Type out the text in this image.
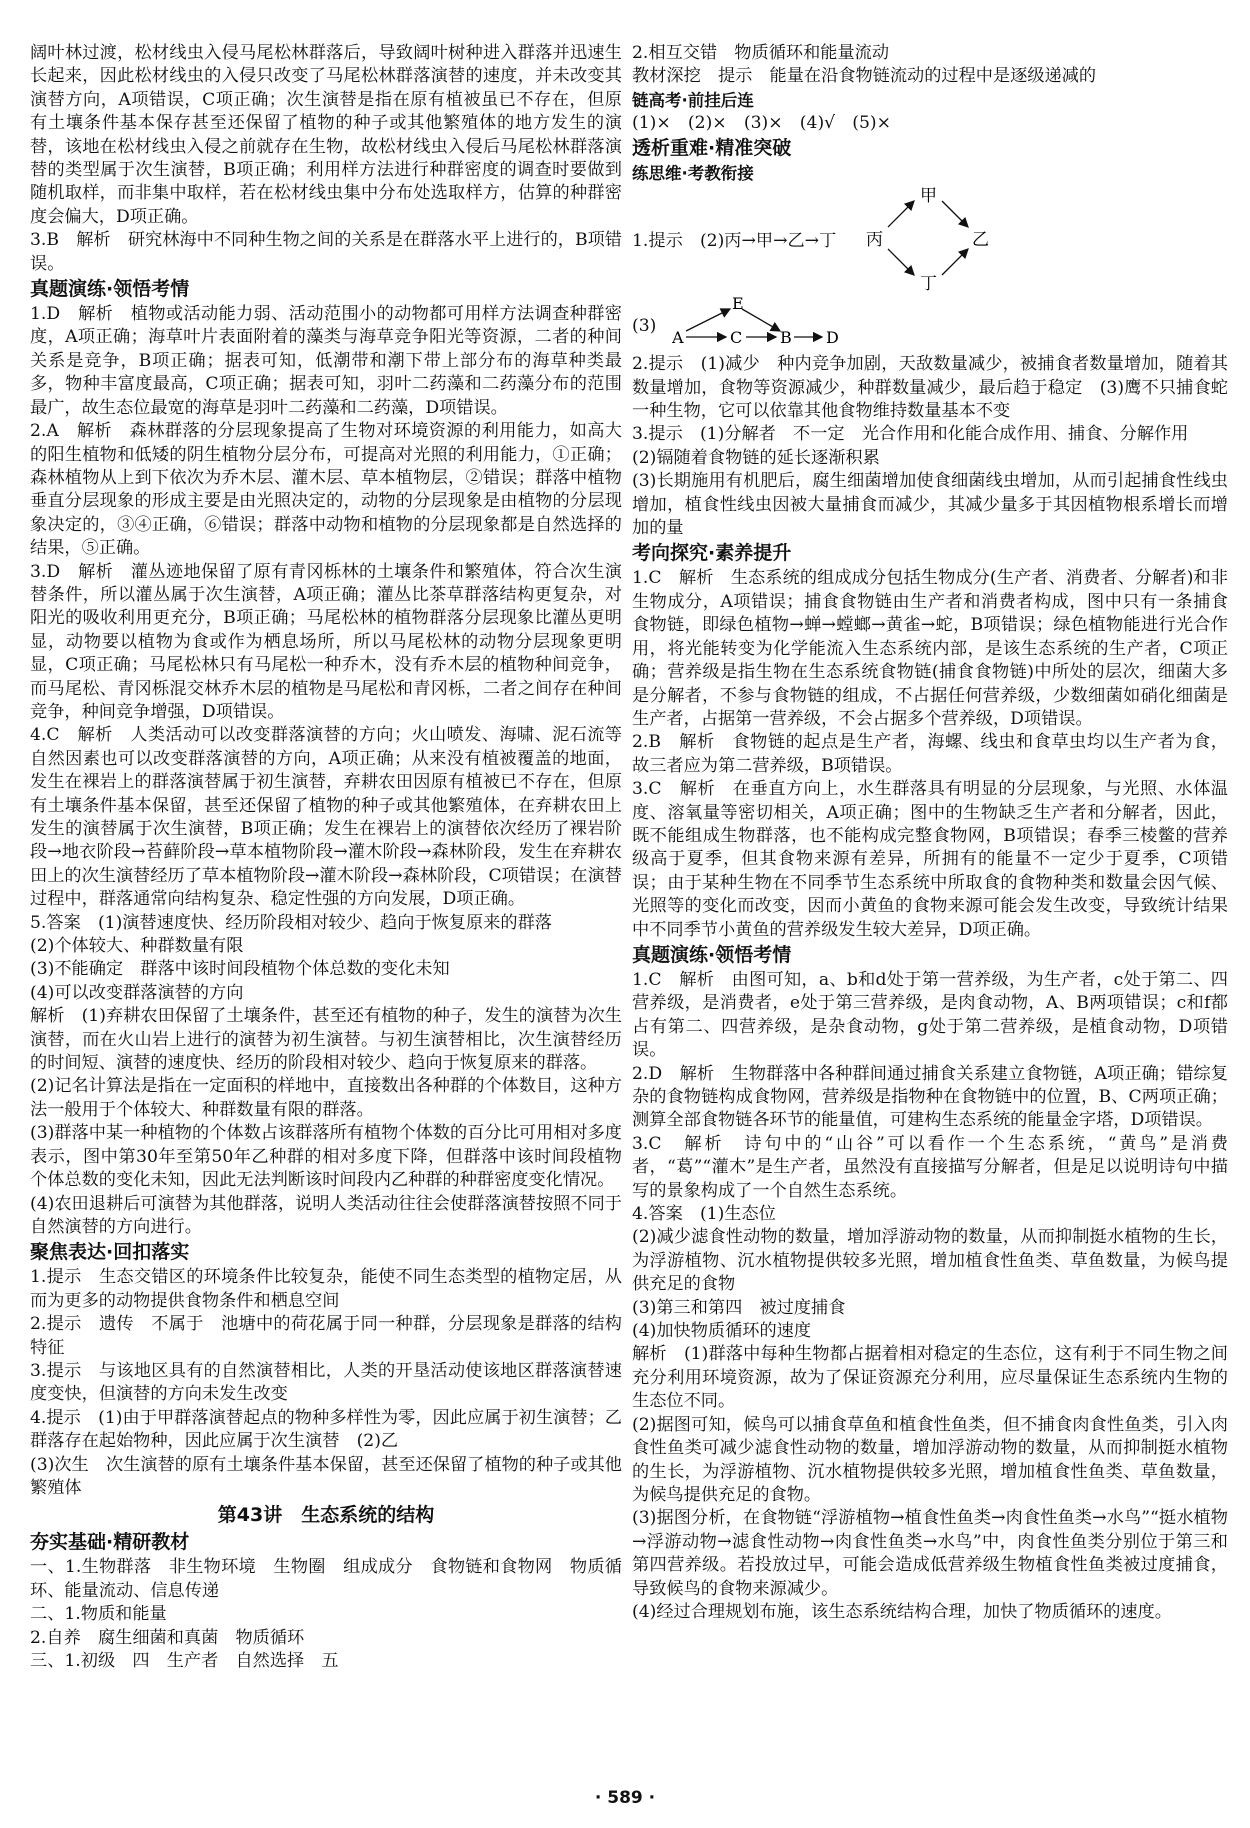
阔叶林过渡，松材线虫入侵马尾松林群落后，导致阔叶树种进入群落并迅速生长起来，因此松材线虫的入侵只改变了马尾松林群落演替的速度，并未改变其演替方向，A项错误，C项正确；次生演替是指在原有植被虽已不存在，但原有土壤条件基本保存甚至还保留了植物的种子或其他繁殖体的地方发生的演替，该地在松材线虫入侵之前就存在生物，故松材线虫入侵后马尾松林群落演替的类型属于次生演替，B项正确；利用样方法进行种群密度的调查时要做到随机取样，而非集中取样，若在松材线虫集中分布处选取样方，估算的种群密度会偏大，D项正确。

3.B　解析　研究林海中不同种生物之间的关系是在群落水平上进行的，B项错误。

真题演练·领悟考情

1.D　解析　植物或活动能力弱、活动范围小的动物都可用样方法调查种群密度，A项正确；海草叶片表面附着的藻类与海草竞争阳光等资源，二者的种间关系是竞争，B项正确；据表可知，低潮带和潮下带上部分布的海草种类最多，物种丰富度最高，C项正确；据表可知，羽叶二药藻和二药藻分布的范围最广，故生态位最宽的海草是羽叶二药藻和二药藻，D项错误。

2.A　解析　森林群落的分层现象提高了生物对环境资源的利用能力，如高大的阳生植物和低矮的阴生植物分层分布，可提高对光照的利用能力，①正确；森林植物从上到下依次为乔木层、灌木层、草本植物层，②错误；群落中植物垂直分层现象的形成主要是由光照决定的，动物的分层现象是由植物的分层现象决定的，③④正确，⑥错误；群落中动物和植物的分层现象都是自然选择的结果，⑤正确。

3.D　解析　灌丛迹地保留了原有青冈栎林的土壤条件和繁殖体，符合次生演替条件，所以灌丛属于次生演替，A项正确；灌丛比茶草群落结构更复杂，对阳光的吸收利用更充分，B项正确；马尾松林的植物群落分层现象比灌丛更明显，动物要以植物为食或作为栖息场所，所以马尾松林的动物分层现象更明显，C项正确；马尾松林只有马尾松一种乔木，没有乔木层的植物种间竞争，而马尾松、青冈栎混交林乔木层的植物是马尾松和青冈栎，二者之间存在种间竞争，种间竞争增强，D项错误。

4.C　解析　人类活动可以改变群落演替的方向；火山喷发、海啸、泥石流等自然因素也可以改变群落演替的方向，A项正确；从来没有植被覆盖的地面，发生在裸岩上的群落演替属于初生演替，弃耕农田因原有植被已不存在，但原有土壤条件基本保留，甚至还保留了植物的种子或其他繁殖体，在弃耕农田上发生的演替属于次生演替，B项正确；发生在裸岩上的演替依次经历了裸岩阶段→地衣阶段→苔藓阶段→草本植物阶段→灌木阶段→森林阶段，发生在弃耕农田上的次生演替经历了草本植物阶段→灌木阶段→森林阶段，C项错误；在演替过程中，群落通常向结构复杂、稳定性强的方向发展，D项正确。

5.答案　(1)演替速度快、经历阶段相对较少、趋向于恢复原来的群落

(2)个体较大、种群数量有限

(3)不能确定　群落中该时间段植物个体总数的变化未知

(4)可以改变群落演替的方向

解析　(1)弃耕农田保留了土壤条件，甚至还有植物的种子，发生的演替为次生演替，而在火山岩上进行的演替为初生演替。与初生演替相比，次生演替经历的时间短、演替的速度快、经历的阶段相对较少、趋向于恢复原来的群落。

(2)记名计算法是指在一定面积的样地中，直接数出各种群的个体数目，这种方法一般用于个体较大、种群数量有限的群落。

(3)群落中某一种植物的个体数占该群落所有植物个体数的百分比可用相对多度表示，图中第30年至第50年乙种群的相对多度下降，但群落中该时间段植物个体总数的变化未知，因此无法判断该时间段内乙种群的种群密度变化情况。

(4)农田退耕后可演替为其他群落，说明人类活动往往会使群落演替按照不同于自然演替的方向进行。

聚焦表达·回扣落实

1.提示　生态交错区的环境条件比较复杂，能使不同生态类型的植物定居，从而为更多的动物提供食物条件和栖息空间

2.提示　遗传　不属于　池塘中的荷花属于同一种群，分层现象是群落的结构特征

3.提示　与该地区具有的自然演替相比，人类的开垦活动使该地区群落演替速度变快，但演替的方向未发生改变

4.提示　(1)由于甲群落演替起点的物种多样性为零，因此应属于初生演替；乙群落存在起始物种，因此应属于次生演替　(2)乙

(3)次生　次生演替的原有土壤条件基本保留，甚至还保留了植物的种子或其他繁殖体

第43讲　生态系统的结构
夯实基础·精研教材

一、1.生物群落　非生物环境　生物圈　组成成分　食物链和食物网　物质循环、能量流动、信息传递

二、1.物质和能量

2.自养　腐生细菌和真菌　物质循环

三、1.初级　四　生产者　自然选择　五

2.相互交错　物质循环和能量流动

教材深挖　提示　能量在沿食物链流动的过程中是逐级递减的

链高考·前挂后连

(1)×　(2)×　(3)×　(4)√　(5)×

透析重难·精准突破
练思维·考教衔接

1.提示　(2)丙→甲→乙→丁

甲
丙	乙
丁
(3)
A	C B D
E

2.提示　(1)减少　种内竞争加剧，天敌数量减少，被捕食者数量增加，随着其数量增加，食物等资源减少，种群数量减少，最后趋于稳定　(3)鹰不只捕食蛇一种生物，它可以依靠其他食物维持数量基本不变

3.提示　(1)分解者　不一定　光合作用和化能合成作用、捕食、分解作用

(2)镉随着食物链的延长逐渐积累

(3)长期施用有机肥后，腐生细菌增加使食细菌线虫增加，从而引起捕食性线虫增加，植食性线虫因被大量捕食而减少，其减少量多于其因植物根系增长而增加的量

考向探究·素养提升

1.C　解析　生态系统的组成成分包括生物成分(生产者、消费者、分解者)和非生物成分，A项错误；捕食食物链由生产者和消费者构成，图中只有一条捕食食物链，即绿色植物→蝉→螳螂→黄雀→蛇，B项错误；绿色植物能进行光合作用，将光能转变为化学能流入生态系统内部，是该生态系统的生产者，C项正确；营养级是指生物在生态系统食物链(捕食食物链)中所处的层次，细菌大多是分解者，不参与食物链的组成，不占据任何营养级，少数细菌如硝化细菌是生产者，占据第一营养级，不会占据多个营养级，D项错误。

2.B　解析　食物链的起点是生产者，海螺、线虫和食草虫均以生产者为食，故三者应为第二营养级，B项错误。

3.C　解析　在垂直方向上，水生群落具有明显的分层现象，与光照、水体温度、溶氧量等密切相关，A项正确；图中的生物缺乏生产者和分解者，因此，既不能组成生物群落，也不能构成完整食物网，B项错误；春季三棱鳖的营养级高于夏季，但其食物来源有差异，所拥有的能量不一定少于夏季，C项错误；由于某种生物在不同季节生态系统中所取食的食物种类和数量会因气候、光照等的变化而改变，因而小黄鱼的食物来源可能会发生改变，导致统计结果中不同季节小黄鱼的营养级发生较大差异，D项正确。

真题演练·领悟考情

1.C　解析　由图可知，a、b和d处于第一营养级，为生产者，c处于第二、四营养级，是消费者，e处于第三营养级，是肉食动物，A、B两项错误；c和f都占有第二、四营养级，是杂食动物，g处于第二营养级，是植食动物，D项错误。

2.D　解析　生物群落中各种群间通过捕食关系建立食物链，A项正确；错综复杂的食物链构成食物网，营养级是指物种在食物链中的位置，B、C两项正确；测算全部食物链各环节的能量值，可建构生态系统的能量金字塔，D项错误。

3.C　解析　诗句中的“山谷”可以看作一个生态系统，“黄鸟”是消费者，“葛”“灌木”是生产者，虽然没有直接描写分解者，但是足以说明诗句中描写的景象构成了一个自然生态系统。

4.答案　(1)生态位

(2)减少滤食性动物的数量，增加浮游动物的数量，从而抑制挺水植物的生长，为浮游植物、沉水植物提供较多光照，增加植食性鱼类、草鱼数量，为候鸟提供充足的食物

(3)第三和第四　被过度捕食

(4)加快物质循环的速度

解析　(1)群落中每种生物都占据着相对稳定的生态位，这有利于不同生物之间充分利用环境资源，故为了保证资源充分利用，应尽量保证生态系统内生物的生态位不同。

(2)据图可知，候鸟可以捕食草鱼和植食性鱼类，但不捕食肉食性鱼类，引入肉食性鱼类可减少滤食性动物的数量，增加浮游动物的数量，从而抑制挺水植物的生长，为浮游植物、沉水植物提供较多光照，增加植食性鱼类、草鱼数量，为候鸟提供充足的食物。

(3)据图分析，在食物链“浮游植物→植食性鱼类→肉食性鱼类→水鸟”“挺水植物→浮游动物→滤食性动物→肉食性鱼类→水鸟”中，肉食性鱼类分别位于第三和第四营养级。若投放过早，可能会造成低营养级生物植食性鱼类被过度捕食，导致候鸟的食物来源减少。

(4)经过合理规划布施，该生态系统结构合理，加快了物质循环的速度。

· 589 ·
